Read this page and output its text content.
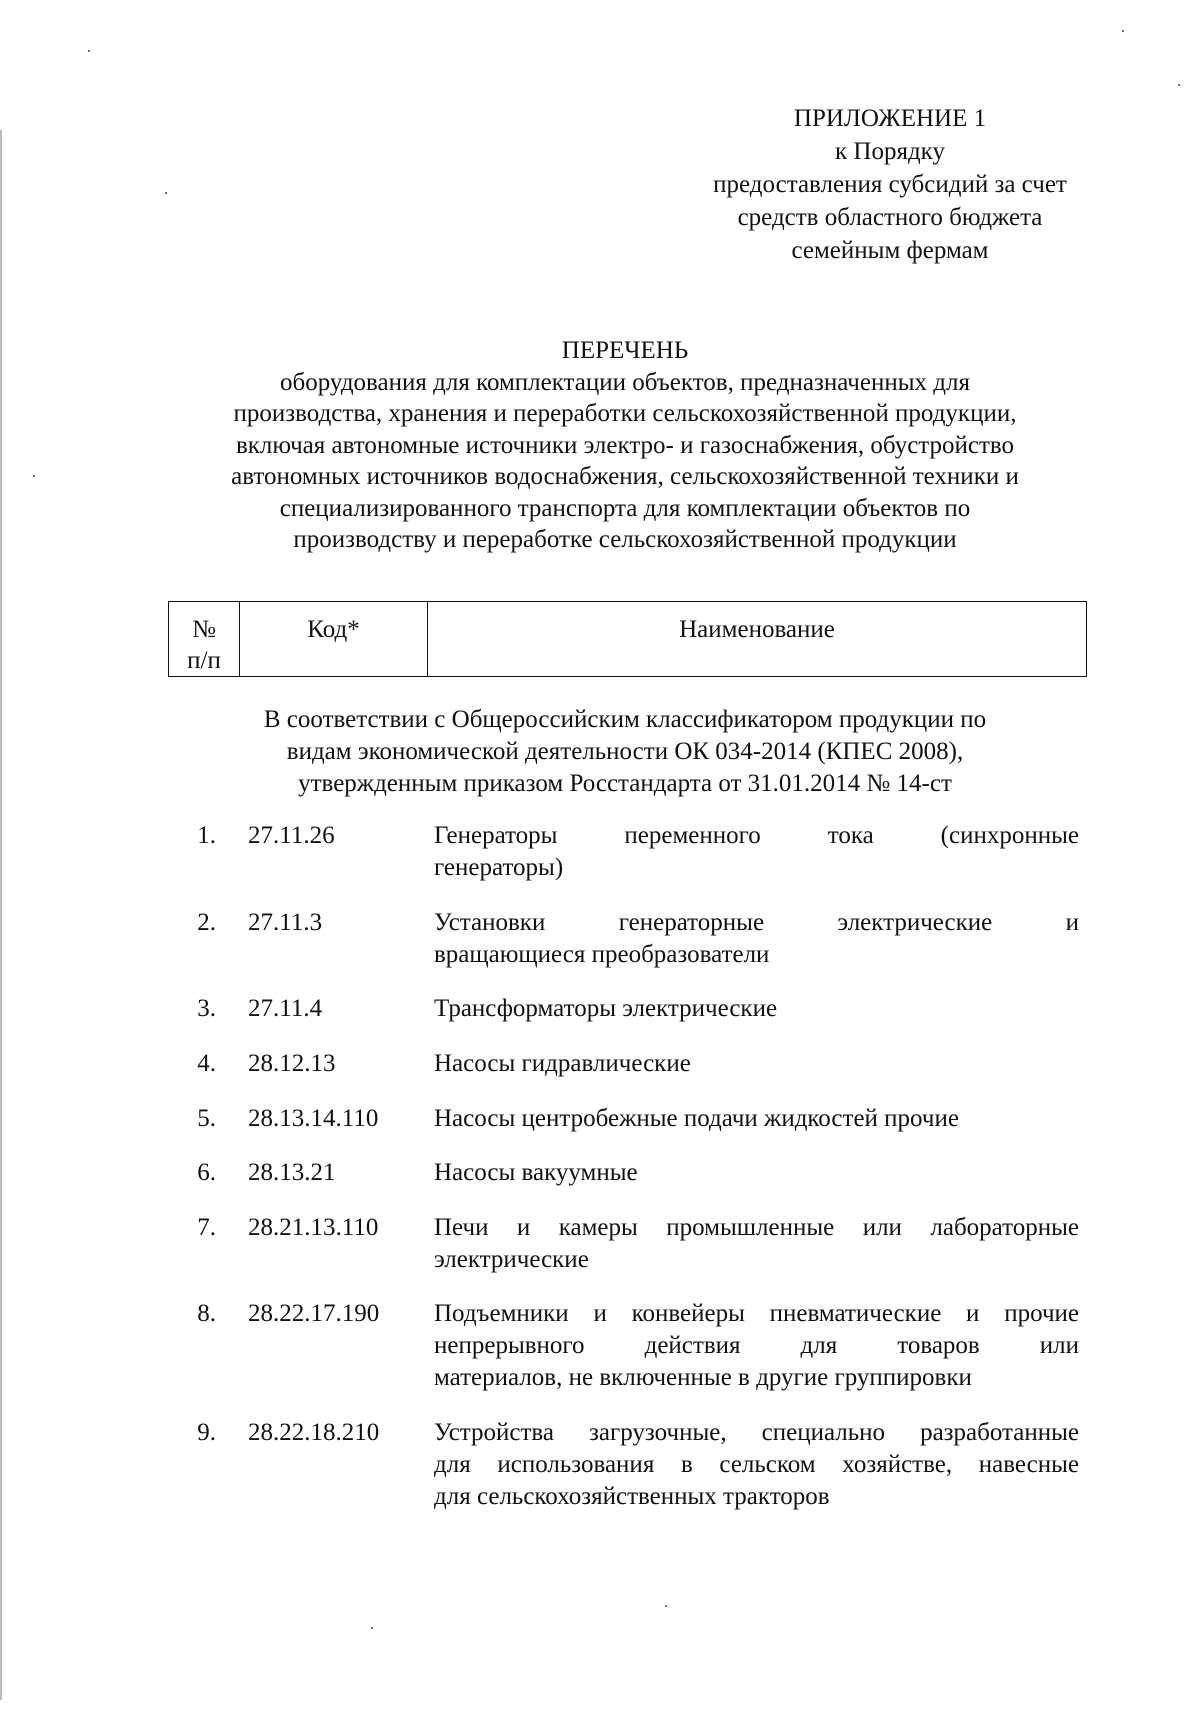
ПРИЛОЖЕНИЕ 1
к Порядку
предоставления субсидий за счет
средств областного бюджета
семейным фермам
ПЕРЕЧЕНЬ
оборудования для комплектации объектов, предназначенных для
производства, хранения и переработки сельскохозяйственной продукции,
включая автономные источники электро- и газоснабжения, обустройство
автономных источников водоснабжения, сельскохозяйственной техники и
специализированного транспорта для комплектации объектов по
производству и переработке сельскохозяйственной продукции
№
п/п
	Код*	Наименование
В соответствии с Общероссийским классификатором продукции по
видам экономической деятельности ОК 034-2014 (КПЕС 2008),
утвержденным приказом Росстандарта от 31.01.2014 № 14-ст
1. 27.11.26	Генераторы переменного тока (синхронные
генераторы)
2. 27.11.3	Установки генераторные электрические и
вращающиеся преобразователи
3. 27.11.4	Трансформаторы электрические
4. 28.12.13	Насосы гидравлические
5. 28.13.14.110 Насосы центробежные подачи жидкостей прочие
6. 28.13.21	Насосы вакуумные
7. 28.21.13.110 Печи и камеры промышленные или лабораторные
электрические
8. 28.22.17.190 Подъемники и конвейеры пневматические и прочие
непрерывного действия для товаров или
материалов, не включенные в другие группировки
9. 28.22.18.210 Устройства загрузочные, специально разработанные
для использования в сельском хозяйстве, навесные
для сельскохозяйственных тракторов
